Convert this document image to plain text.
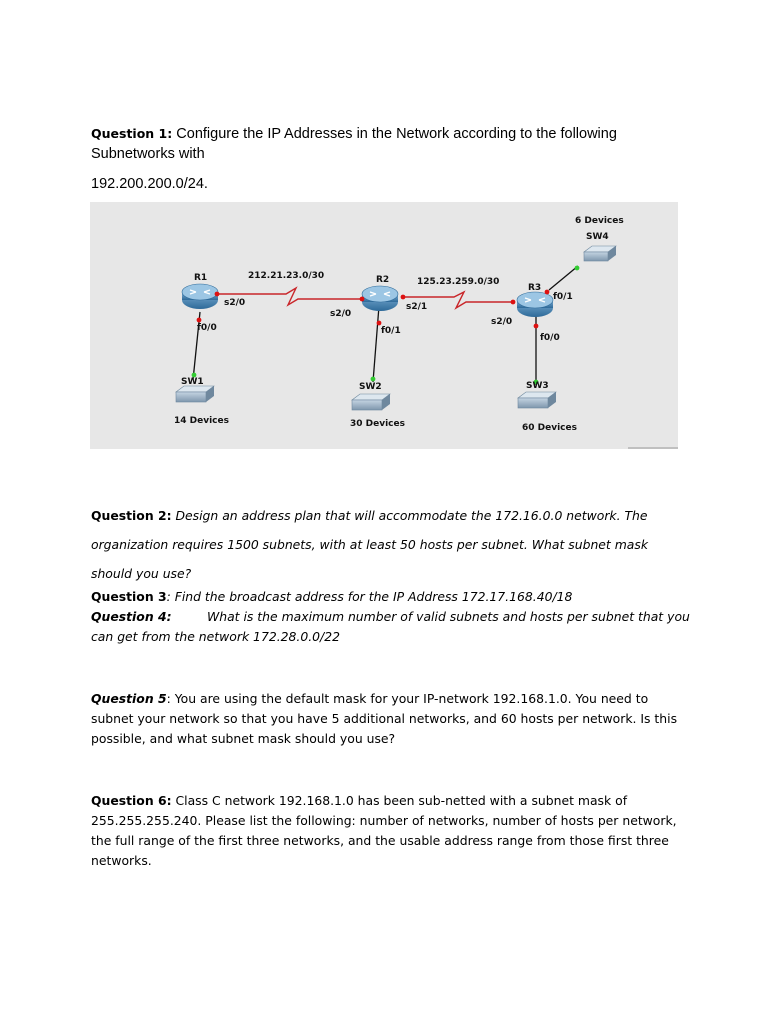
Question 1: Configure the IP Addresses in the Network according to the following Subnetworks with
192.200.200.0/24.
R1	R2
R3
212.21.23.0/30
125.23.259.0/30
s2/0
f0/0
s2/0
s2/1
f0/1
s2/0
f0/1
f0/0
SW1	SW2	SW3
SW4
14 Devices	30 Devices	60 Devices
6 Devices
Question 2: Design an address plan that will accommodate the 172.16.0.0 network. The
organization requires 1500 subnets, with at least 50 hosts per subnet. What subnet mask
should you use?
Question 3: Find the broadcast address for the IP Address 172.17.168.40/18
Question 4:         What is the maximum number of valid subnets and hosts per subnet that you
can get from the network 172.28.0.0/22
Question 5: You are using the default mask for your IP-network 192.168.1.0. You need to
subnet your network so that you have 5 additional networks, and 60 hosts per network. Is this
possible, and what subnet mask should you use?
Question 6: Class C network 192.168.1.0 has been sub-netted with a subnet mask of
255.255.255.240. Please list the following: number of networks, number of hosts per network,
the full range of the first three networks, and the usable address range from those first three
networks.
